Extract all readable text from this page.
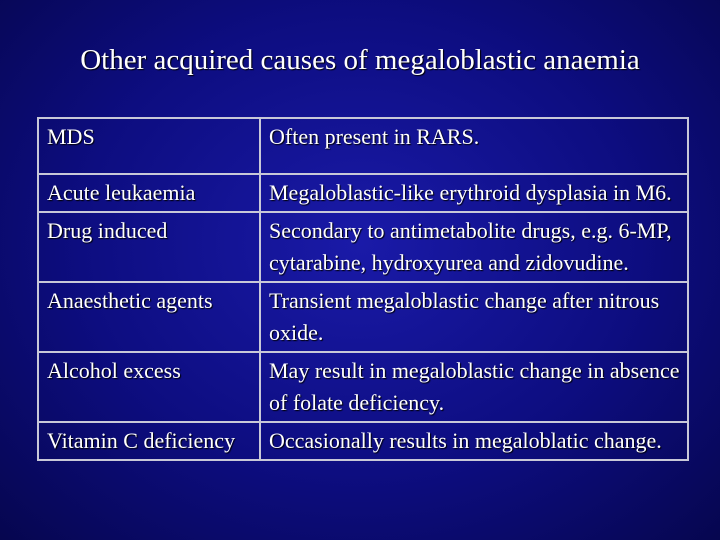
Other acquired causes of megaloblastic anaemia
MDS	Often present in RARS.
Acute leukaemia	Megaloblastic-like erythroid dysplasia in M6.
Drug induced	Secondary to antimetabolite drugs, e.g. 6-MP, cytarabine, hydroxyurea and zidovudine.
Anaesthetic agents	Transient megaloblastic change after nitrous oxide.
Alcohol excess	May result in megaloblastic change in absence of folate deficiency.
Vitamin C deficiency	Occasionally results in megaloblatic change.
